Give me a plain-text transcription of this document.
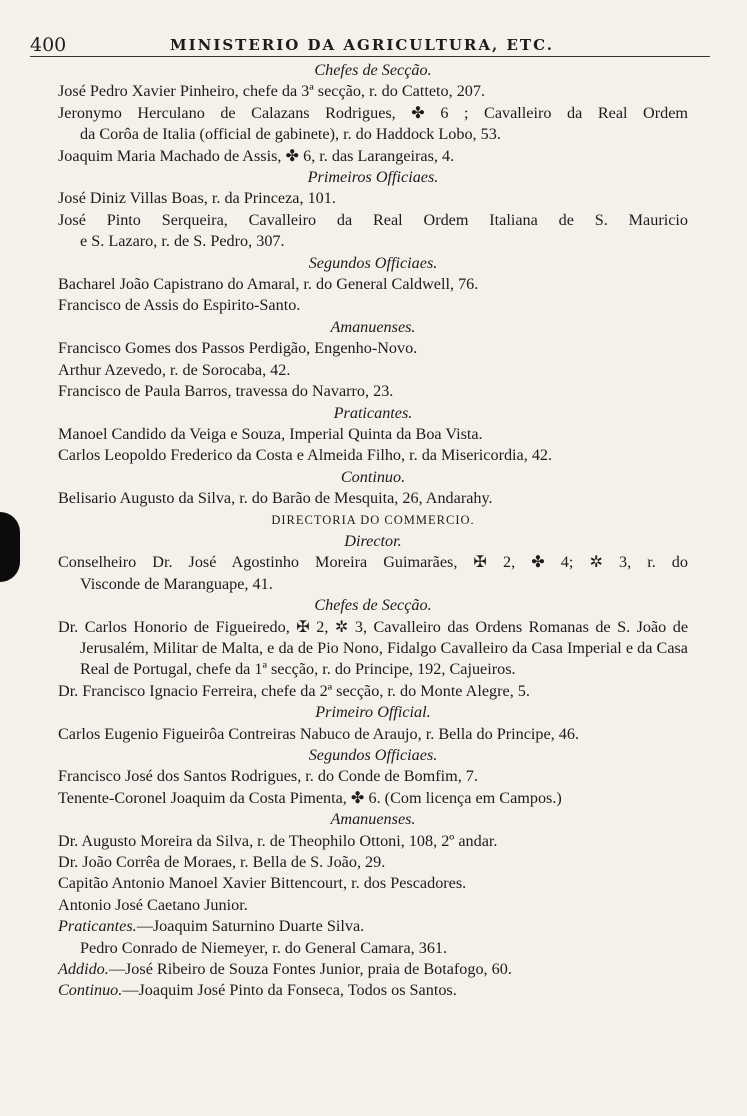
400	MINISTERIO DA AGRICULTURA, ETC.
Chefes de Secção.
José Pedro Xavier Pinheiro, chefe da 3ª secção, r. do Catteto, 207.
Jeronymo Herculano de Calazans Rodrigues, ✤ 6 ; Cavalleiro da Real Ordem
da Corôa de Italia (official de gabinete), r. do Haddock Lobo, 53.
Joaquim Maria Machado de Assis, ✤ 6, r. das Larangeiras, 4.
Primeiros Officiaes.
José Diniz Villas Boas, r. da Princeza, 101.
José Pinto Serqueira, Cavalleiro da Real Ordem Italiana de S. Mauricio
e S. Lazaro, r. de S. Pedro, 307.
Segundos Officiaes.
Bacharel João Capistrano do Amaral, r. do General Caldwell, 76.
Francisco de Assis do Espirito-Santo.
Amanuenses.
Francisco Gomes dos Passos Perdigão, Engenho-Novo.
Arthur Azevedo, r. de Sorocaba, 42.
Francisco de Paula Barros, travessa do Navarro, 23.
Praticantes.
Manoel Candido da Veiga e Souza, Imperial Quinta da Boa Vista.
Carlos Leopoldo Frederico da Costa e Almeida Filho, r. da Misericordia, 42.
Continuo.
Belisario Augusto da Silva, r. do Barão de Mesquita, 26, Andarahy.
DIRECTORIA DO COMMERCIO.
Director.
Conselheiro Dr. José Agostinho Moreira Guimarães, ✠ 2, ✤ 4; ✲ 3, r. do
Visconde de Maranguape, 41.
Chefes de Secção.
Dr. Carlos Honorio de Figueiredo, ✠ 2, ✲ 3, Cavalleiro das Ordens Romanas de S. João de Jerusalém, Militar de Malta, e da de Pio Nono, Fidalgo Cavalleiro da Casa Imperial e da Casa Real de Portugal, chefe da 1ª secção, r. do Principe, 192, Cajueiros.
Dr. Francisco Ignacio Ferreira, chefe da 2ª secção, r. do Monte Alegre, 5.
Primeiro Official.
Carlos Eugenio Figueirôa Contreiras Nabuco de Araujo, r. Bella do Principe, 46.
Segundos Officiaes.
Francisco José dos Santos Rodrigues, r. do Conde de Bomfim, 7.
Tenente-Coronel Joaquim da Costa Pimenta, ✤ 6. (Com licença em Campos.)
Amanuenses.
Dr. Augusto Moreira da Silva, r. de Theophilo Ottoni, 108, 2º andar.
Dr. João Corrêa de Moraes, r. Bella de S. João, 29.
Capitão Antonio Manoel Xavier Bittencourt, r. dos Pescadores.
Antonio José Caetano Junior.
Praticantes.—Joaquim Saturnino Duarte Silva.
Pedro Conrado de Niemeyer, r. do General Camara, 361.
Addido.—José Ribeiro de Souza Fontes Junior, praia de Botafogo, 60.
Continuo.—Joaquim José Pinto da Fonseca, Todos os Santos.
